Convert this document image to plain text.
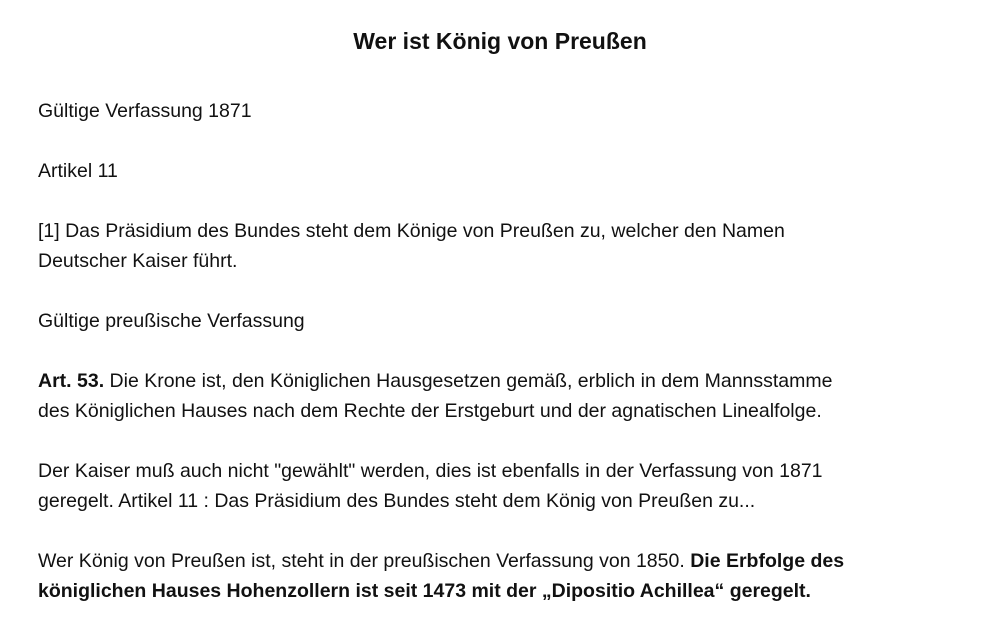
Wer ist König von Preußen
Gültige Verfassung 1871
Artikel 11
[1] Das Präsidium des Bundes steht dem Könige von Preußen zu, welcher den Namen
Deutscher Kaiser führt.
Gültige preußische Verfassung
Art. 53. Die Krone ist, den Königlichen Hausgesetzen gemäß, erblich in dem Mannsstamme
des Königlichen Hauses nach dem Rechte der Erstgeburt und der agnatischen Linealfolge.
Der Kaiser muß auch nicht "gewählt" werden, dies ist ebenfalls in der Verfassung von 1871
geregelt. Artikel 11 : Das Präsidium des Bundes steht dem König von Preußen zu...
Wer König von Preußen ist, steht in der preußischen Verfassung von 1850. Die Erbfolge des
königlichen Hauses Hohenzollern ist seit 1473 mit der „Dipositio Achillea“ geregelt.
